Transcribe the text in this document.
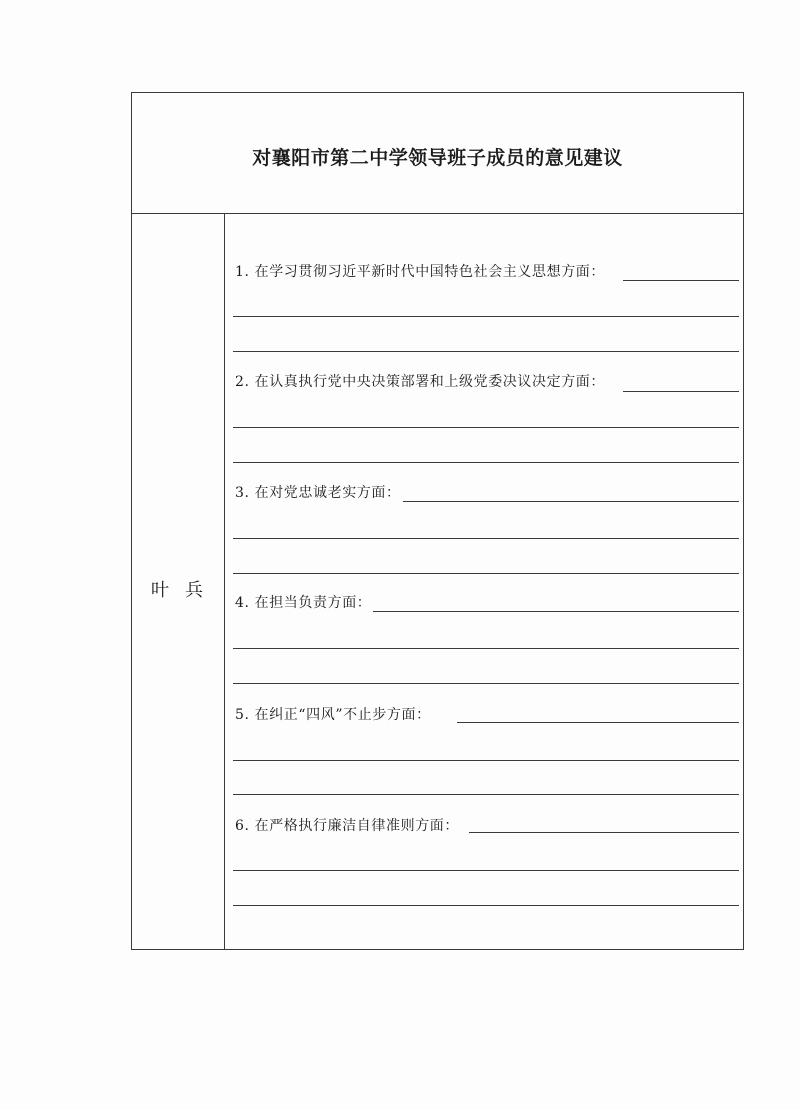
对襄阳市第二中学领导班子成员的意见建议
叶兵
1. 在学习贯彻习近平新时代中国特色社会主义思想方面：
2. 在认真执行党中央决策部署和上级党委决议决定方面：
3. 在对党忠诚老实方面：
4. 在担当负责方面：
5. 在纠正“四风”不止步方面：
6. 在严格执行廉洁自律准则方面：
